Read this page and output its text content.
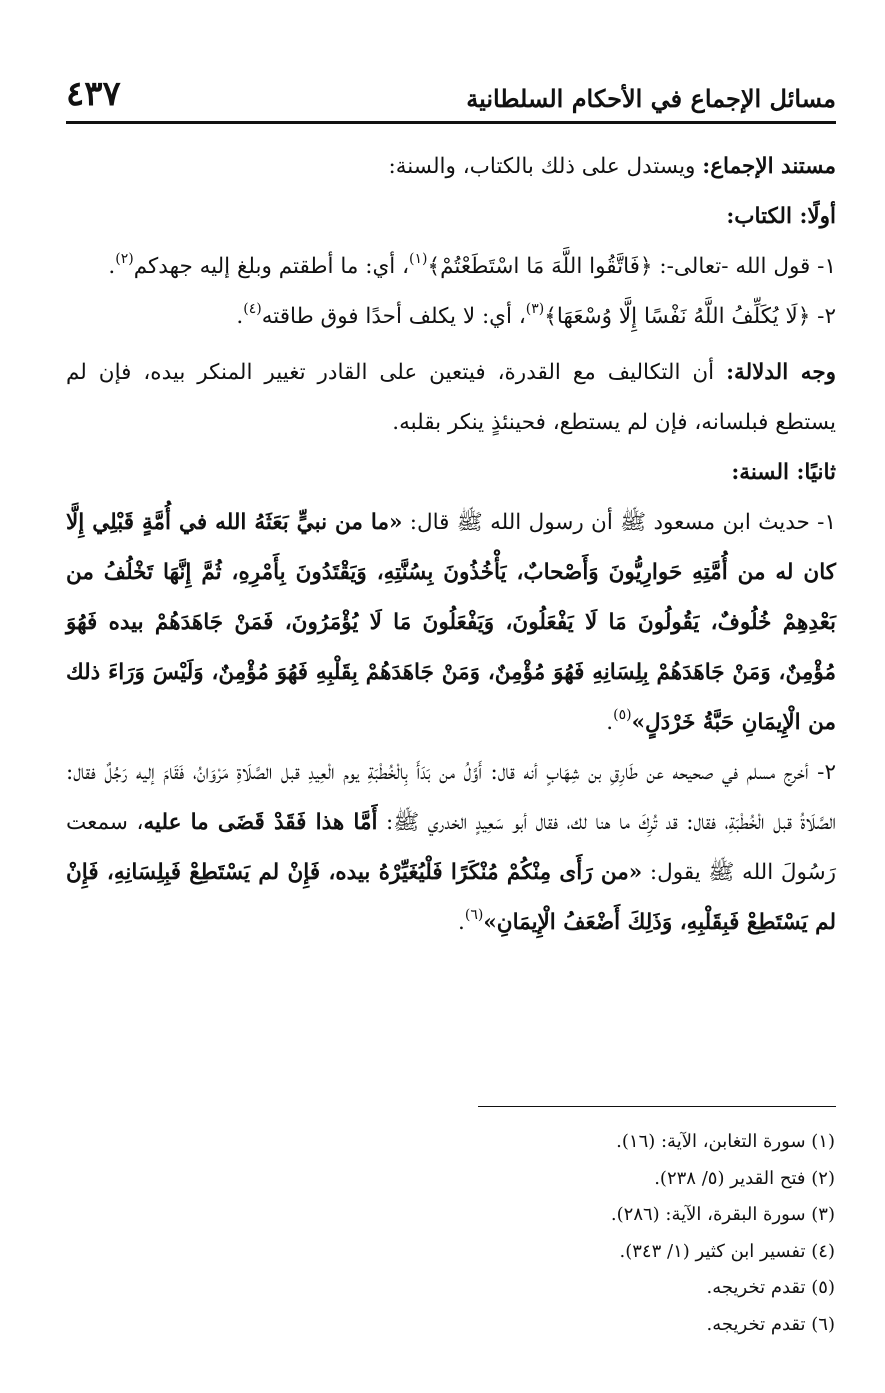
٤٣٧	مسائل الإجماع في الأحكام السلطانية

مستند الإجماع: ويستدل على ذلك بالكتاب، والسنة:

أولًا: الكتاب:

١- قول الله -تعالى-: ﴿فَاتَّقُوا اللَّهَ مَا اسْتَطَعْتُمْ﴾$^{(١)}$، أي: ما أطقتم وبلغ إليه جهدكم$^{(٢)}$.

٢- ﴿لَا يُكَلِّفُ اللَّهُ نَفْسًا إِلَّا وُسْعَهَا﴾$^{(٣)}$، أي: لا يكلف أحدًا فوق طاقته$^{(٤)}$.

وجه الدلالة: أن التكاليف مع القدرة، فيتعين على القادر تغيير المنكر بيده، فإن لم يستطع فبلسانه، فإن لم يستطع، فحينئذٍ ينكر بقلبه.

ثانيًا: السنة:

١- حديث ابن مسعود ﷺ أن رسول الله ﷺ قال: «ما من نبيٍّ بَعَثَهُ الله في أُمَّةٍ قَبْلِي إِلَّا كان له من أُمَّتِهِ حَوارِيُّونَ وَأَصْحابٌ، يَأْخُذُونَ بِسُنَّتِهِ، وَيَقْتَدُونَ بِأَمْرِهِ، ثُمَّ إِنَّهَا تَخْلُفُ من بَعْدِهِمْ خُلُوفٌ، يَقُولُونَ مَا لَا يَفْعَلُونَ، وَيَفْعَلُونَ مَا لَا يُؤْمَرُونَ، فَمَنْ جَاهَدَهُمْ بيده فَهُوَ مُؤْمِنٌ، وَمَنْ جَاهَدَهُمْ بِلِسَانِهِ فَهُوَ مُؤْمِنٌ، وَمَنْ جَاهَدَهُمْ بِقَلْبِهِ فَهُوَ مُؤْمِنٌ، وَلَيْسَ وَرَاءَ ذلك من الْإِيمَانِ حَبَّةُ خَرْدَلٍ»$^{(٥)}$.

٢- أخرج مسلم في صحيحه عن طَارِقِ بن شِهَابٍ أنه قال: أَوَّلُ من بَدَأَ بِالْخُطْبَةِ يوم الْعِيدِ قبل الصَّلَاةِ مَرْوَانُ، فَقَامَ إليه رَجُلٌ فقال: الصَّلَاةُ قبل الْخُطْبَةِ، فقال: قد تُرِكَ ما هنا لك، فقال أبو سَعِيدٍ الخدري ﷺ: أَمَّا هذا فَقَدْ قَضَى ما عليه، سمعت رَسُولَ الله ﷺ يقول: «من رَأَى مِنْكُمْ مُنْكَرًا فَلْيُغَيِّرْهُ بيده، فَإِنْ لم يَسْتَطِعْ فَبِلِسَانِهِ، فَإِنْ لم يَسْتَطِعْ فَبِقَلْبِهِ، وَذَلِكَ أَضْعَفُ الْإِيمَانِ»$^{(٦)}$.

(١) سورة التغابن، الآية: (١٦).

(٢) فتح القدير (٥/ ٢٣٨).

(٣) سورة البقرة، الآية: (٢٨٦).

(٤) تفسير ابن كثير (١/ ٣٤٣).

(٥) تقدم تخريجه.

(٦) تقدم تخريجه.
